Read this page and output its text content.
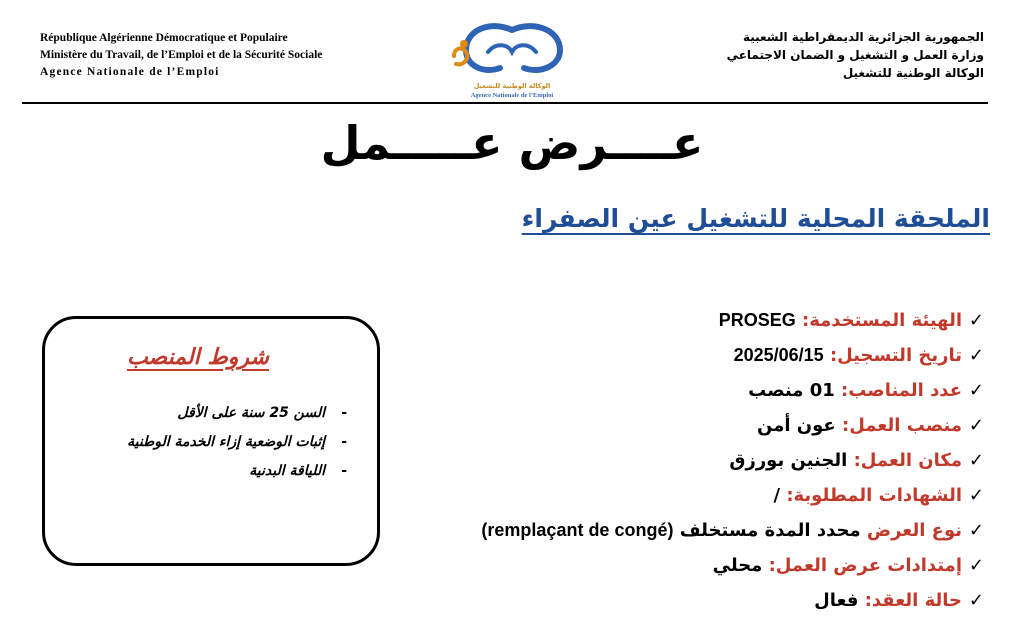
République Algérienne Démocratique et Populaire
Ministère du Travail, de l’Emploi et de la Sécurité Sociale
Agence Nationale de l’Emploi
الوكالة الوطنية للتشغيل
Agence Nationale de l’Emploi
الجمهورية الجزائرية الديمقراطية الشعبية
وزارة العمل و التشغيل و الضمان الاجتماعي
الوكالة الوطنية للتشغيل
عــــرض عـــــمل
الملحقة المحلية للتشغيل عين الصفراء
✓الهيئة المستخدمة: PROSEG
✓تاريخ التسجيل: 2025/06/15
✓عدد المناصب: 01 منصب
✓منصب العمل: عون أمن
✓مكان العمل: الجنين بورزق
✓الشهادات المطلوبة: /
✓نوع العرض محدد المدة مستخلف (remplaçant de congé)
✓إمتدادات عرض العمل: محلي
✓حالة العقد: فعال
شروط المنصب
-السن 25 سنة على الأقل
-إثبات الوضعية إزاء الخدمة الوطنية
-اللياقة البدنية
